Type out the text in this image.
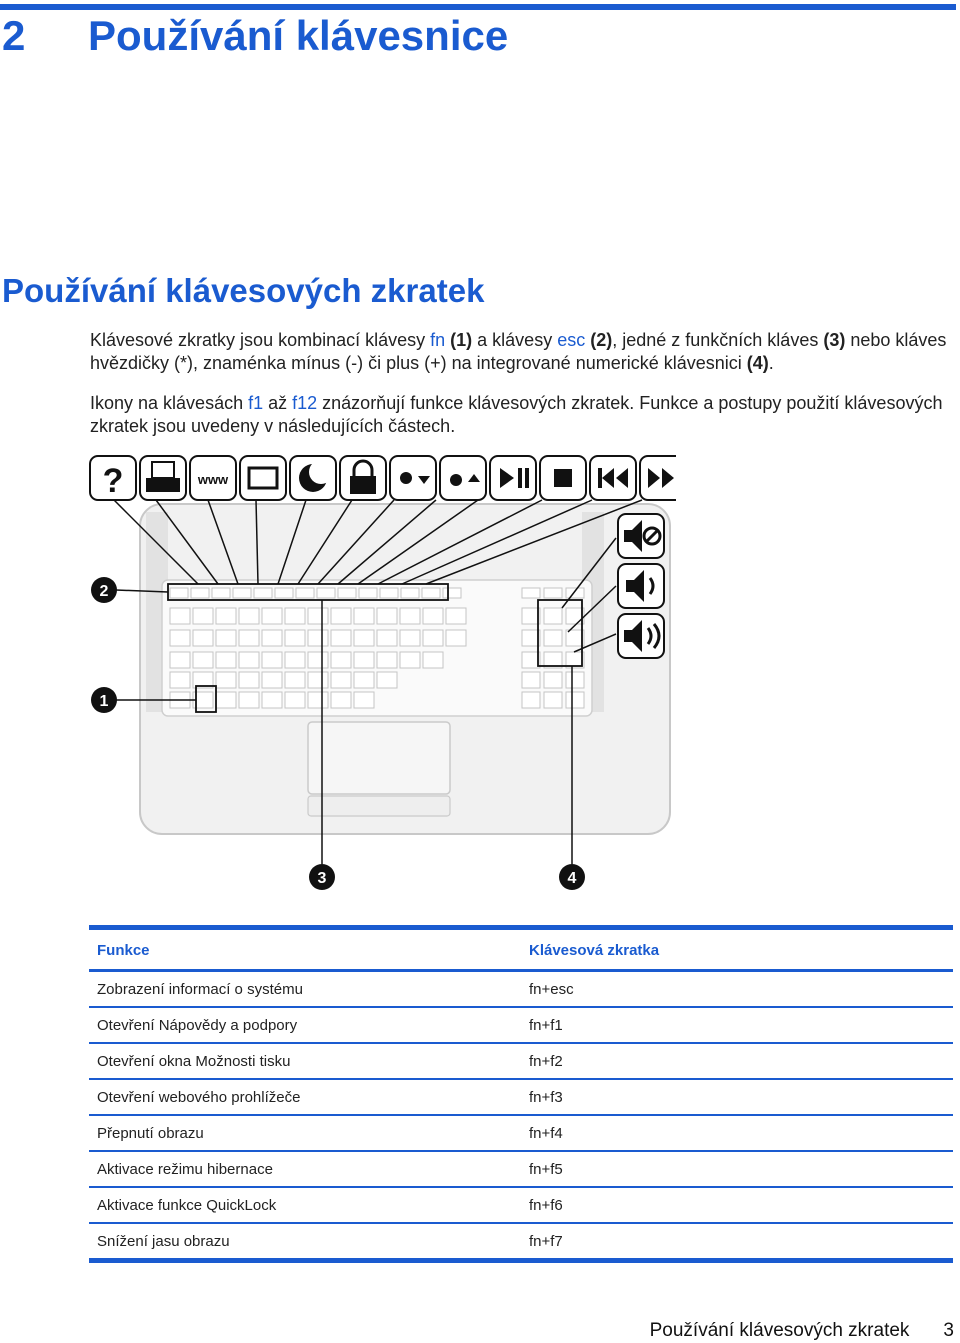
2 Používání klávesnice
Používání klávesových zkratek

Klávesové zkratky jsou kombinací klávesy fn (1) a klávesy esc (2), jedné z funkčních kláves (3) nebo kláves hvězdičky (*), znaménka mínus (-) či plus (+) na integrované numerické klávesnici (4).

Ikony na klávesách f1 až f12 znázorňují funkce klávesových zkratek. Funkce a postupy použití klávesových zkratek jsou uvedeny v následujících částech.

?	www
2
1
3	4
Funkce	Klávesová zkratka
Zobrazení informací o systému	fn+esc
Otevření Nápovědy a podpory	fn+f1
Otevření okna Možnosti tisku	fn+f2
Otevření webového prohlížeče	fn+f3
Přepnutí obrazu	fn+f4
Aktivace režimu hibernace	fn+f5
Aktivace funkce QuickLock	fn+f6
Snížení jasu obrazu	fn+f7
Používání klávesových zkratek 3
